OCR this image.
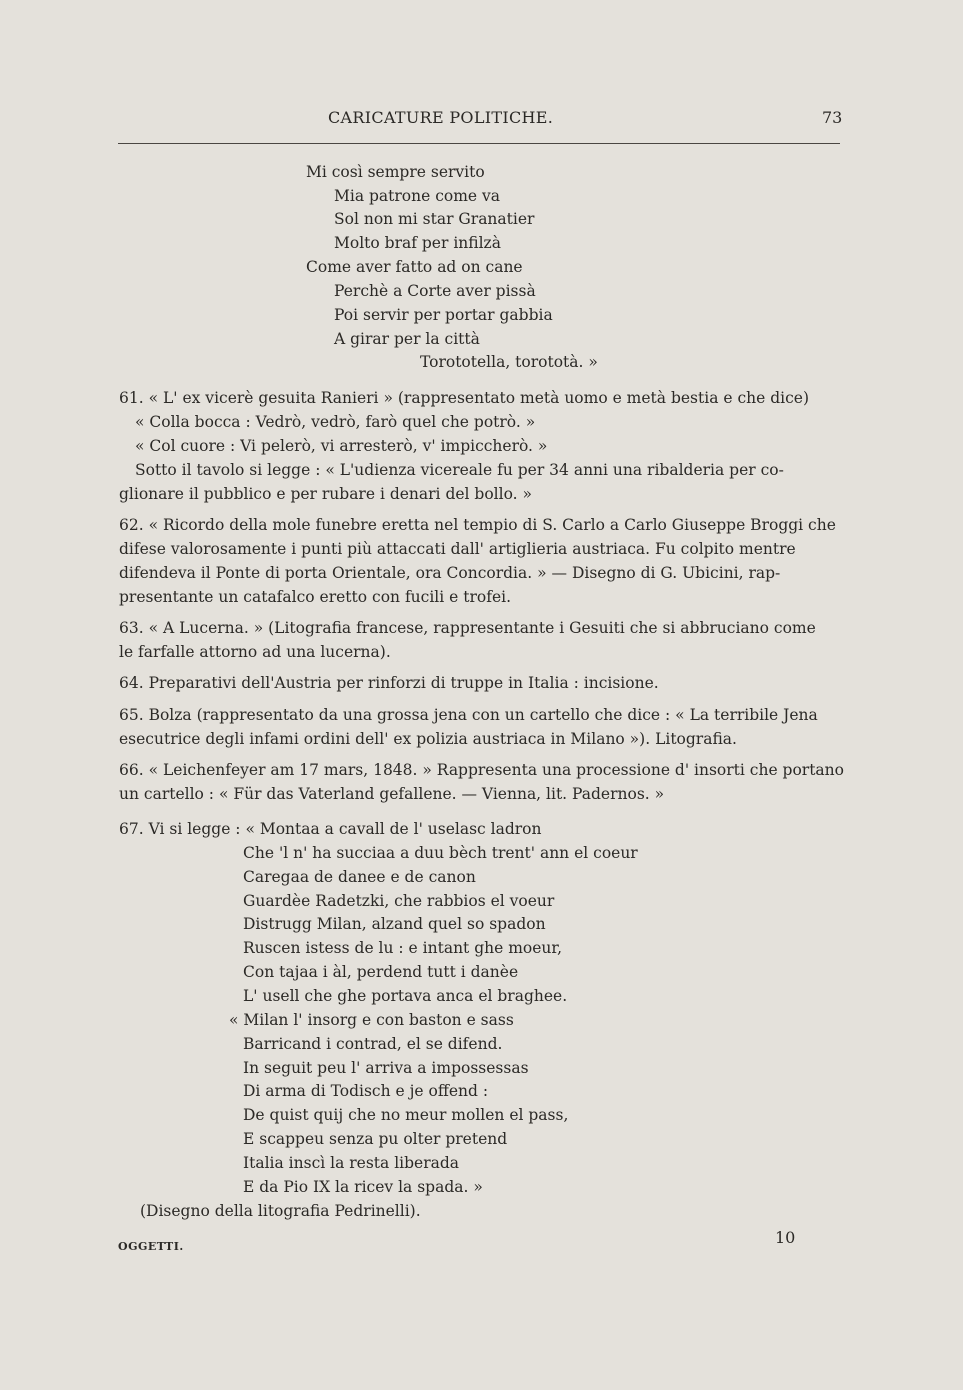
CARICATURE POLITICHE.	73
Mi così sempre servito
Mia patrone come va
Sol non mi star Granatier
Molto braf per infilzà
Come aver fatto ad on cane
Perchè a Corte aver pissà
Poi servir per portar gabbia
A girar per la città
Torototella, torototà. »
61. « L' ex vicerè gesuita Ranieri » (rappresentato metà uomo e metà bestia e che dice)
« Colla bocca : Vedrò, vedrò, farò quel che potrò. »
« Col cuore : Vi pelerò, vi arresterò, v' impiccherò. »
Sotto il tavolo si legge : « L'udienza vicereale fu per 34 anni una ribalderia per co-
glionare il pubblico e per rubare i denari del bollo. »
62. « Ricordo della mole funebre eretta nel tempio di S. Carlo a Carlo Giuseppe Broggi che
difese valorosamente i punti più attaccati dall' artiglieria austriaca. Fu colpito mentre
difendeva il Ponte di porta Orientale, ora Concordia. » — Disegno di G. Ubicini, rap-
presentante un catafalco eretto con fucili e trofei.
63. « A Lucerna. » (Litografia francese, rappresentante i Gesuiti che si abbruciano come
le farfalle attorno ad una lucerna).
64. Preparativi dell'Austria per rinforzi di truppe in Italia : incisione.
65. Bolza (rappresentato da una grossa jena con un cartello che dice : « La terribile Jena
esecutrice degli infami ordini dell' ex polizia austriaca in Milano »). Litografia.
66. « Leichenfeyer am 17 mars, 1848. » Rappresenta una processione d' insorti che portano
un cartello : « Für das Vaterland gefallene. — Vienna, lit. Padernos. »
67. Vi si legge : « Montaa a cavall de l' uselasc ladron
Che 'l n' ha succiaa a duu bèch trent' ann el coeur
Caregaa de danee e de canon
Guardèe Radetzki, che rabbios el voeur
Distrugg Milan, alzand quel so spadon
Ruscen istess de lu : e intant ghe moeur,
Con tajaa i àl, perdend tutt i danèe
L' usell che ghe portava anca el braghee.
« Milan l' insorg e con baston e sass
Barricand i contrad, el se difend.
In seguit peu l' arriva a impossessas
Di arma di Todisch e je offend :
De quist quij che no meur mollen el pass,
E scappeu senza pu olter pretend
Italia inscì la resta liberada
E da Pio IX la ricev la spada. »
(Disegno della litografia Pedrinelli).
OGGETTI.	10
